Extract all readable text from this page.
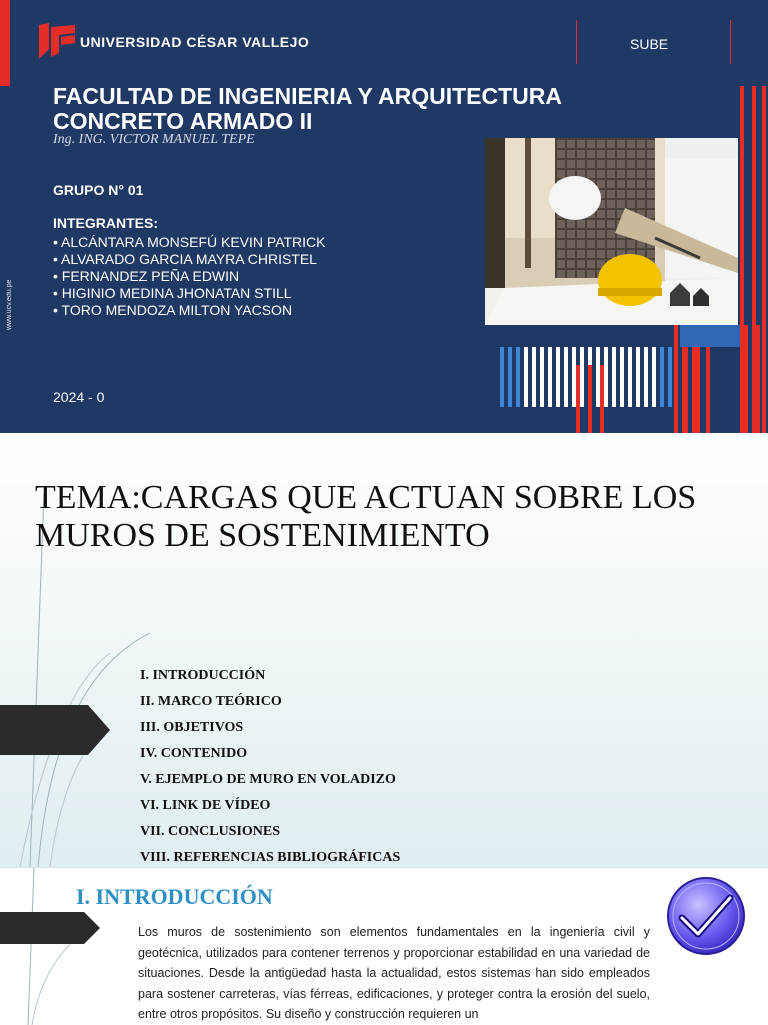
www.ucv.edu.pe
UNIVERSIDAD CÉSAR VALLEJO	SUBE
FACULTAD DE INGENIERIA Y ARQUITECTURA
CONCRETO ARMADO II
Ing. ING. VICTOR MANUEL TEPE
GRUPO N° 01
INTEGRANTES:
• ALCÁNTARA MONSEFÚ KEVIN PATRICK
• ALVARADO GARCIA MAYRA CHRISTEL
• FERNANDEZ PEÑA EDWIN
• HIGINIO MEDINA JHONATAN STILL
• TORO MENDOZA MILTON YACSON
2024 - 0
TEMA:CARGAS QUE ACTUAN SOBRE LOS MUROS DE SOSTENIMIENTO
I. INTRODUCCIÓN
II. MARCO TEÓRICO
III. OBJETIVOS
IV. CONTENIDO
V. EJEMPLO DE MURO EN VOLADIZO
VI. LINK DE VÍDEO
VII. CONCLUSIONES
VIII. REFERENCIAS BIBLIOGRÁFICAS
I. INTRODUCCIÓN

Los muros de sostenimiento son elementos fundamentales en la ingeniería civil y geotécnica, utilizados para contener terrenos y proporcionar estabilidad en una variedad de situaciones. Desde la antigüedad hasta la actualidad, estos sistemas han sido empleados para sostener carreteras, vías férreas, edificaciones, y proteger contra la erosión del suelo, entre otros propósitos. Su diseño y construcción requieren un
